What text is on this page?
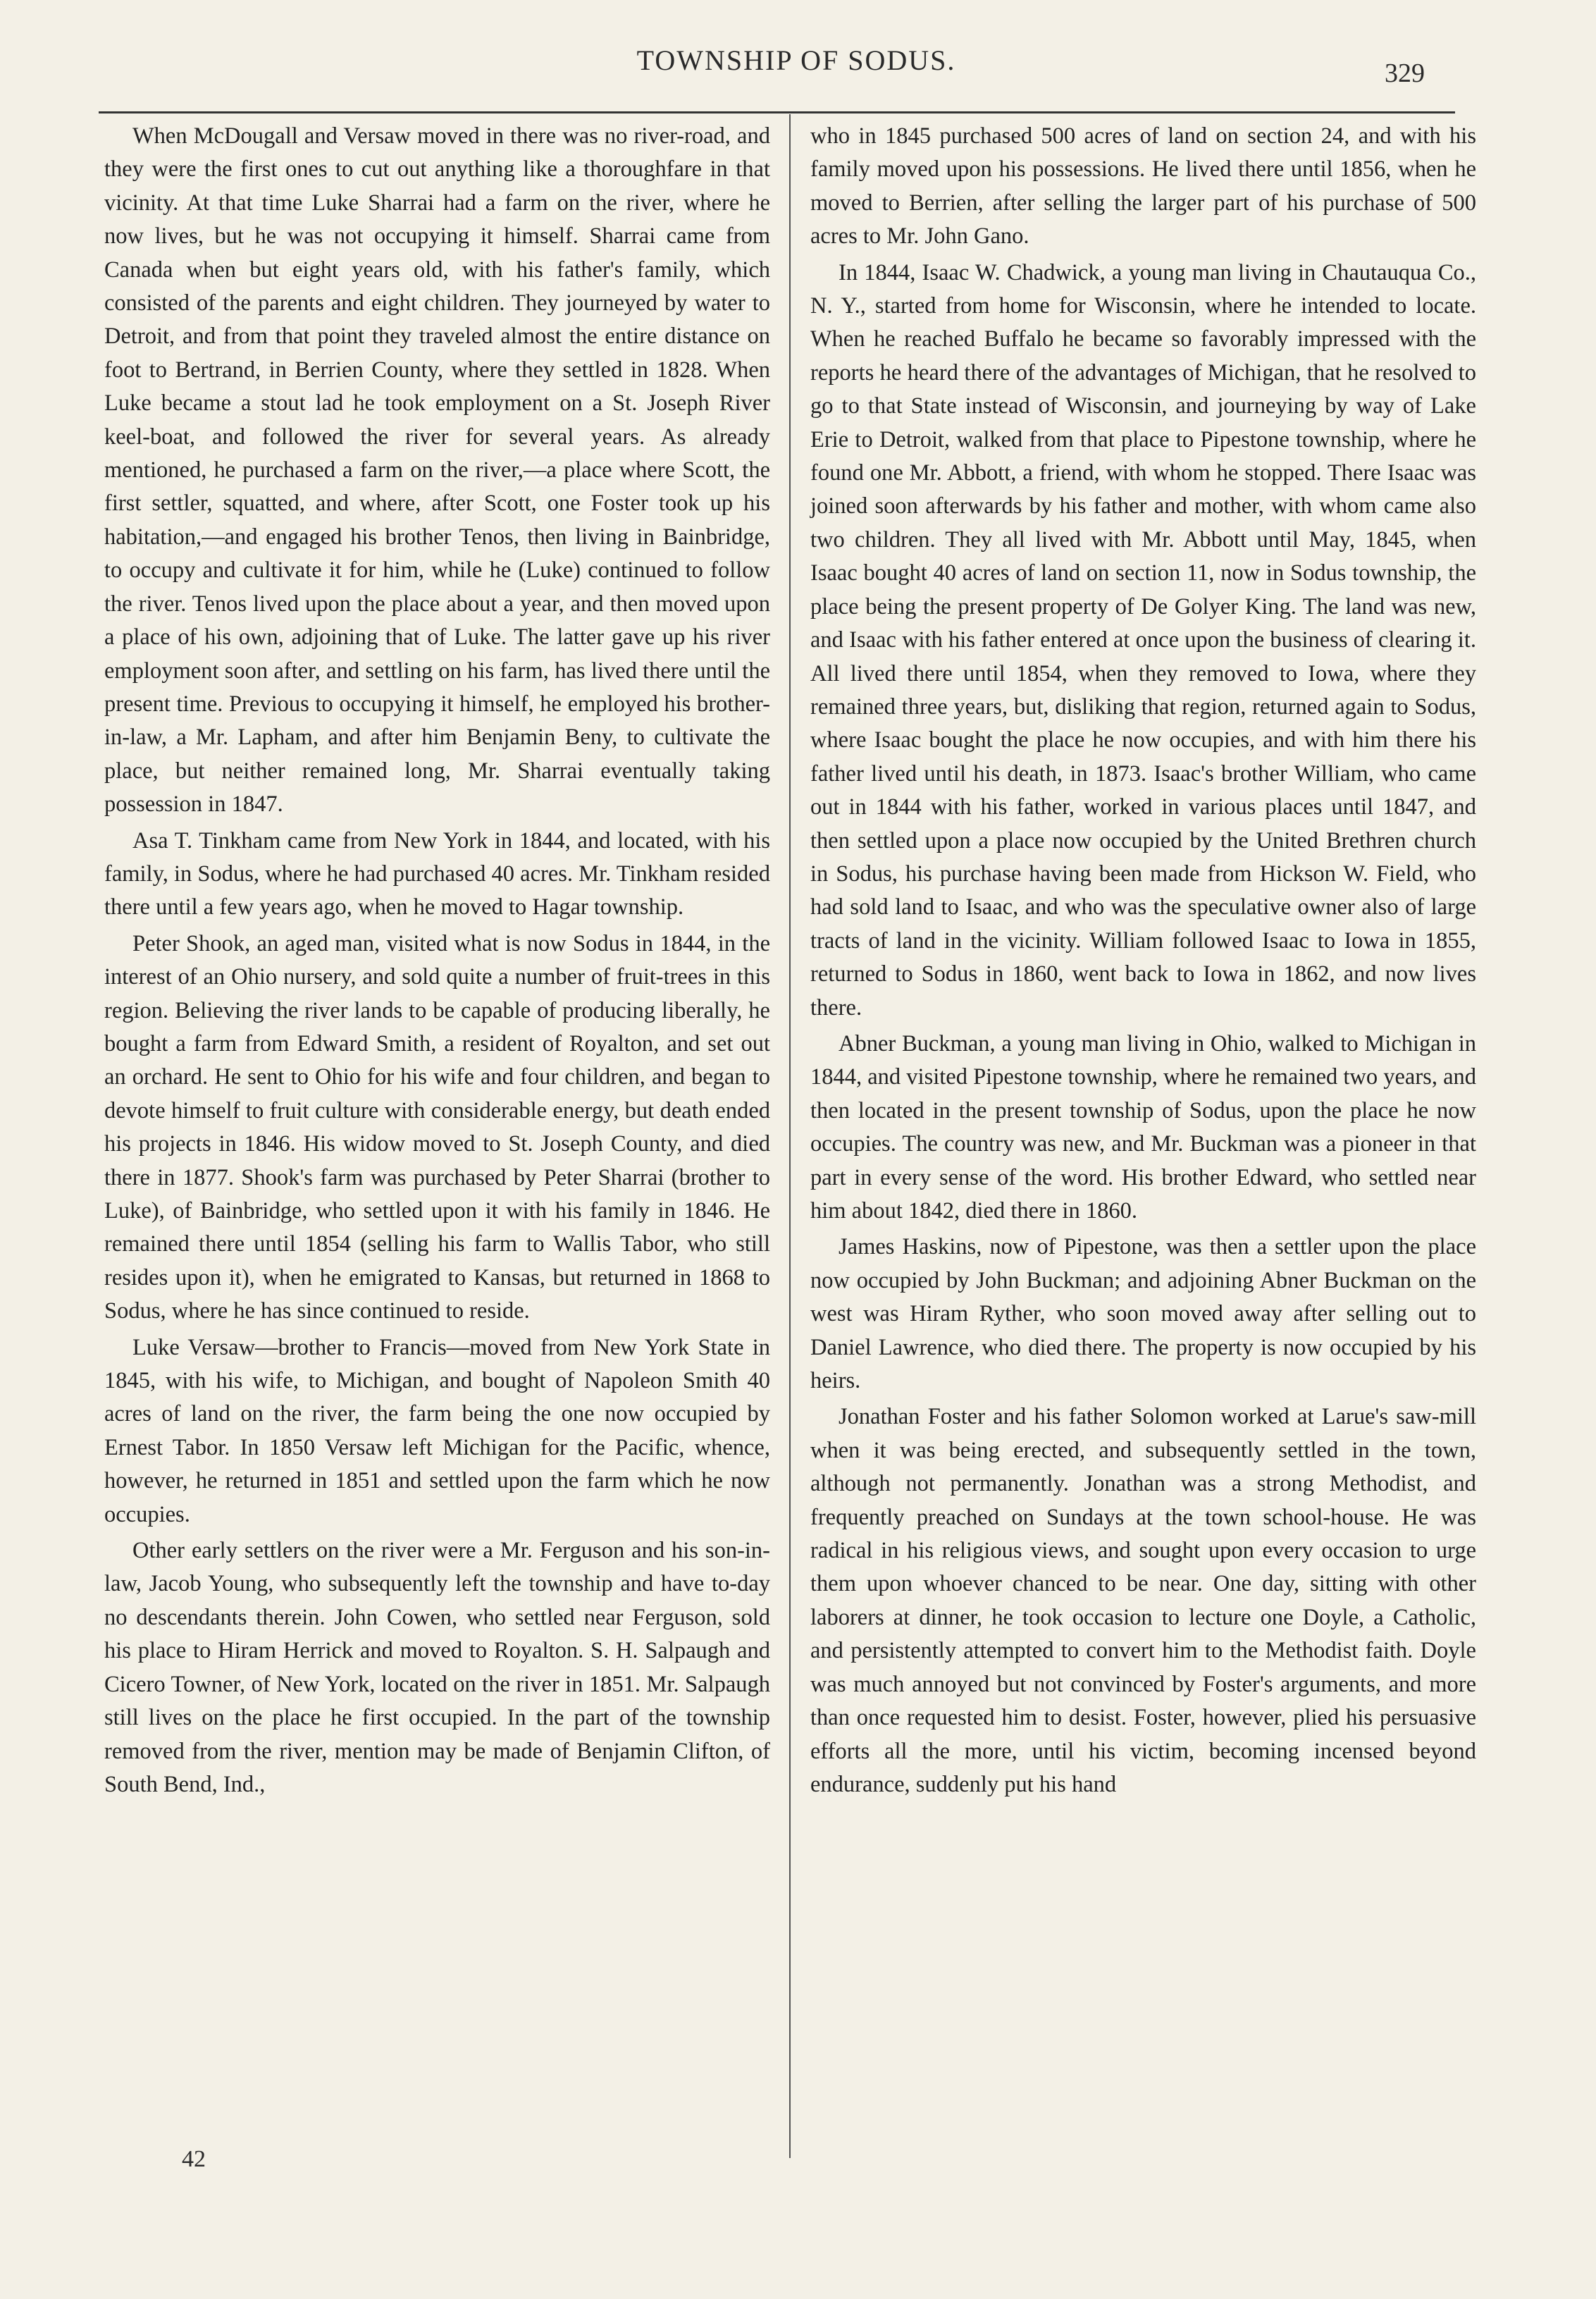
TOWNSHIP OF SODUS.	329

When McDougall and Versaw moved in there was no river-road, and they were the first ones to cut out anything like a thoroughfare in that vicinity. At that time Luke Sharrai had a farm on the river, where he now lives, but he was not occupying it himself. Sharrai came from Canada when but eight years old, with his father's family, which consisted of the parents and eight children. They journeyed by water to Detroit, and from that point they traveled almost the entire distance on foot to Bertrand, in Berrien County, where they settled in 1828. When Luke became a stout lad he took employment on a St. Joseph River keel-boat, and followed the river for several years. As already mentioned, he purchased a farm on the river,—a place where Scott, the first settler, squatted, and where, after Scott, one Foster took up his habitation,—and engaged his brother Tenos, then living in Bainbridge, to occupy and cultivate it for him, while he (Luke) continued to follow the river. Tenos lived upon the place about a year, and then moved upon a place of his own, adjoining that of Luke. The latter gave up his river employment soon after, and settling on his farm, has lived there until the present time. Previous to occupying it himself, he employed his brother-in-law, a Mr. Lapham, and after him Benjamin Beny, to cultivate the place, but neither remained long, Mr. Sharrai eventually taking possession in 1847.

Asa T. Tinkham came from New York in 1844, and located, with his family, in Sodus, where he had purchased 40 acres. Mr. Tinkham resided there until a few years ago, when he moved to Hagar township.

Peter Shook, an aged man, visited what is now Sodus in 1844, in the interest of an Ohio nursery, and sold quite a number of fruit-trees in this region. Believing the river lands to be capable of producing liberally, he bought a farm from Edward Smith, a resident of Royalton, and set out an orchard. He sent to Ohio for his wife and four children, and began to devote himself to fruit culture with considerable energy, but death ended his projects in 1846. His widow moved to St. Joseph County, and died there in 1877. Shook's farm was purchased by Peter Sharrai (brother to Luke), of Bainbridge, who settled upon it with his family in 1846. He remained there until 1854 (selling his farm to Wallis Tabor, who still resides upon it), when he emigrated to Kansas, but returned in 1868 to Sodus, where he has since continued to reside.

Luke Versaw—brother to Francis—moved from New York State in 1845, with his wife, to Michigan, and bought of Napoleon Smith 40 acres of land on the river, the farm being the one now occupied by Ernest Tabor. In 1850 Versaw left Michigan for the Pacific, whence, however, he returned in 1851 and settled upon the farm which he now occupies.

Other early settlers on the river were a Mr. Ferguson and his son-in-law, Jacob Young, who subsequently left the township and have to-day no descendants therein. John Cowen, who settled near Ferguson, sold his place to Hiram Herrick and moved to Royalton. S. H. Salpaugh and Cicero Towner, of New York, located on the river in 1851. Mr. Salpaugh still lives on the place he first occupied. In the part of the township removed from the river, mention may be made of Benjamin Clifton, of South Bend, Ind.,

who in 1845 purchased 500 acres of land on section 24, and with his family moved upon his possessions. He lived there until 1856, when he moved to Berrien, after selling the larger part of his purchase of 500 acres to Mr. John Gano.

In 1844, Isaac W. Chadwick, a young man living in Chautauqua Co., N. Y., started from home for Wisconsin, where he intended to locate. When he reached Buffalo he became so favorably impressed with the reports he heard there of the advantages of Michigan, that he resolved to go to that State instead of Wisconsin, and journeying by way of Lake Erie to Detroit, walked from that place to Pipestone township, where he found one Mr. Abbott, a friend, with whom he stopped. There Isaac was joined soon afterwards by his father and mother, with whom came also two children. They all lived with Mr. Abbott until May, 1845, when Isaac bought 40 acres of land on section 11, now in Sodus township, the place being the present property of De Golyer King. The land was new, and Isaac with his father entered at once upon the business of clearing it. All lived there until 1854, when they removed to Iowa, where they remained three years, but, disliking that region, returned again to Sodus, where Isaac bought the place he now occupies, and with him there his father lived until his death, in 1873. Isaac's brother William, who came out in 1844 with his father, worked in various places until 1847, and then settled upon a place now occupied by the United Brethren church in Sodus, his purchase having been made from Hickson W. Field, who had sold land to Isaac, and who was the speculative owner also of large tracts of land in the vicinity. William followed Isaac to Iowa in 1855, returned to Sodus in 1860, went back to Iowa in 1862, and now lives there.

Abner Buckman, a young man living in Ohio, walked to Michigan in 1844, and visited Pipestone township, where he remained two years, and then located in the present township of Sodus, upon the place he now occupies. The country was new, and Mr. Buckman was a pioneer in that part in every sense of the word. His brother Edward, who settled near him about 1842, died there in 1860.

James Haskins, now of Pipestone, was then a settler upon the place now occupied by John Buckman; and adjoining Abner Buckman on the west was Hiram Ryther, who soon moved away after selling out to Daniel Lawrence, who died there. The property is now occupied by his heirs.

Jonathan Foster and his father Solomon worked at Larue's saw-mill when it was being erected, and subsequently settled in the town, although not permanently. Jonathan was a strong Methodist, and frequently preached on Sundays at the town school-house. He was radical in his religious views, and sought upon every occasion to urge them upon whoever chanced to be near. One day, sitting with other laborers at dinner, he took occasion to lecture one Doyle, a Catholic, and persistently attempted to convert him to the Methodist faith. Doyle was much annoyed but not convinced by Foster's arguments, and more than once requested him to desist. Foster, however, plied his persuasive efforts all the more, until his victim, becoming incensed beyond endurance, suddenly put his hand

42
